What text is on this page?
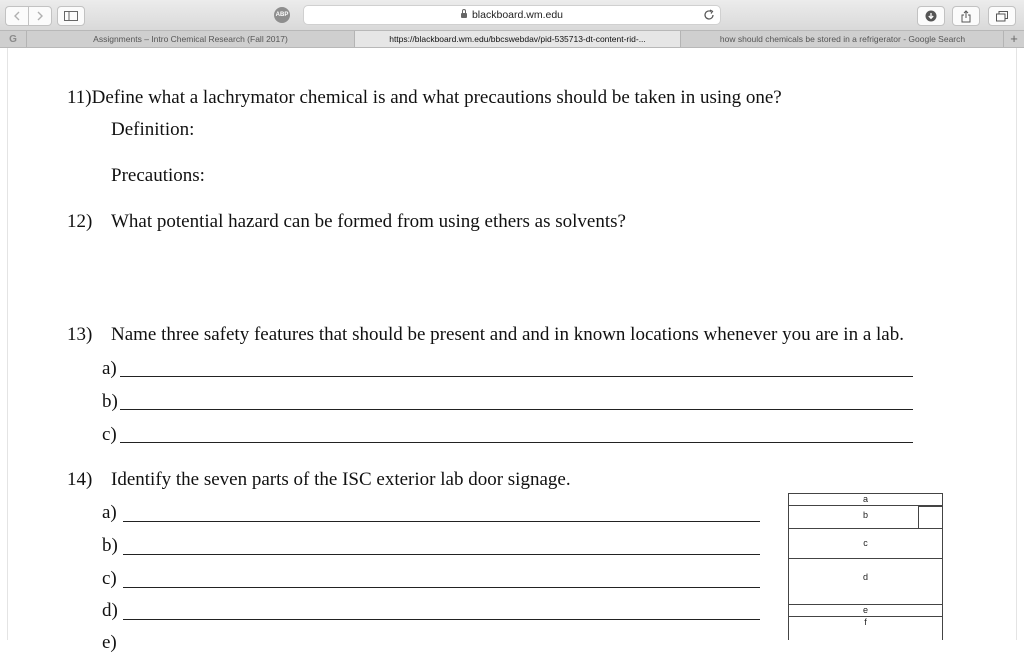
ABP	blackboard.wm.edu
G	Assignments – Intro Chemical Research (Fall 2017)	https://blackboard.wm.edu/bbcswebdav/pid-535713-dt-content-rid-...	how should chemicals be stored in a refrigerator - Google Search	+
11)Define what a lachrymator chemical is and what precautions should be taken in using one?
Definition:
Precautions:
12) What potential hazard can be formed from using ethers as solvents?
13) Name three safety features that should be present and and in known locations whenever you are in a lab.
a)
b)
c)
14) Identify the seven parts of the ISC exterior lab door signage.
a)
b)
c)
d)
e)
a
b
c
d
e
f
